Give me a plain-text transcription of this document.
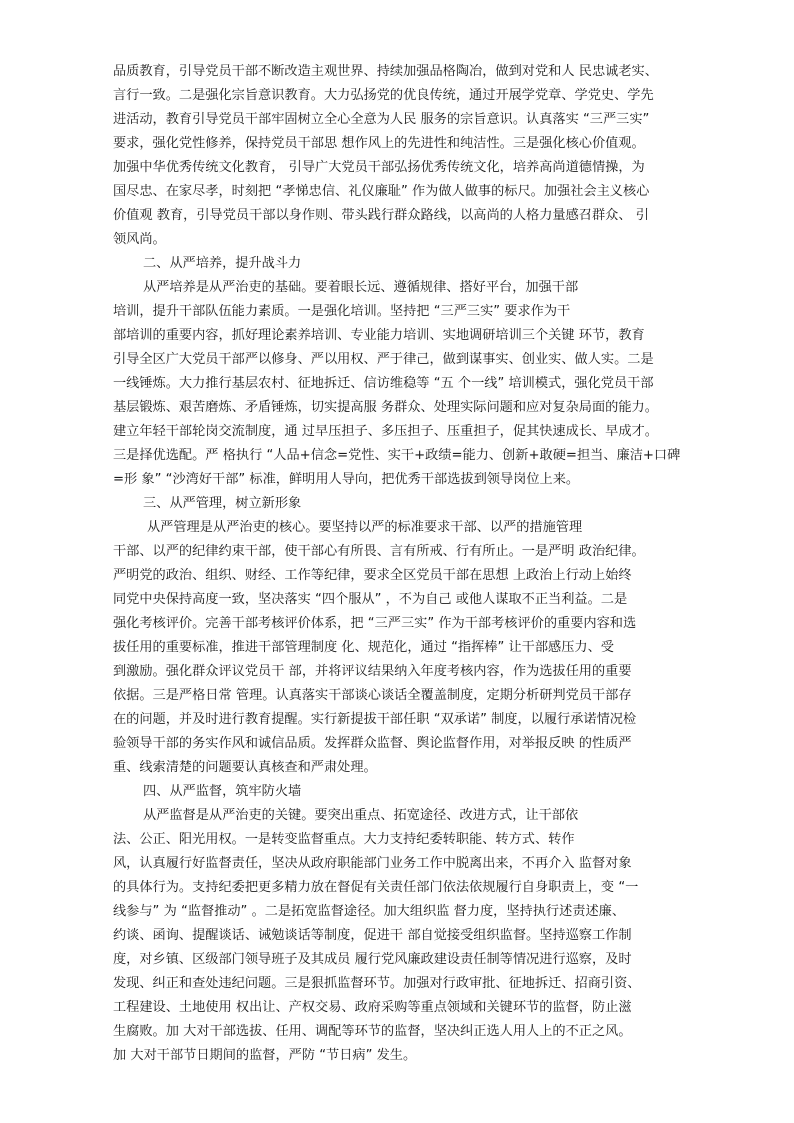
品质教育，引导党员干部不断改造主观世界、持续加强品格陶冶，做到对党和人 民忠诚老实、
言行一致。二是强化宗旨意识教育。大力弘扬党的优良传统，通过开展学党章、学党史、学先
进活动，教育引导党员干部牢固树立全心全意为人民 服务的宗旨意识。认真落实 “三严三实”
要求，强化党性修养，保持党员干部思 想作风上的先进性和纯洁性。三是强化核心价值观。
加强中华优秀传统文化教育， 引导广大党员干部弘扬优秀传统文化，培养高尚道德情操，为
国尽忠、在家尽孝，时刻把 “孝悌忠信、礼仪廉耻” 作为做人做事的标尺。加强社会主义核心
价值观 教育，引导党员干部以身作则、带头践行群众路线，以高尚的人格力量感召群众、 引
领风尚。
二、从严培养，提升战斗力
从严培养是从严治吏的基础。要着眼长远、遵循规律、搭好平台，加强干部
培训，提升干部队伍能力素质。一是强化培训。坚持把 “三严三实” 要求作为干
部培训的重要内容，抓好理论素养培训、专业能力培训、实地调研培训三个关键 环节，教育
引导全区广大党员干部严以修身、严以用权、严于律己，做到谋事实、创业实、做人实。二是
一线锤炼。大力推行基层农村、征地拆迁、信访维稳等 “五 个一线” 培训模式，强化党员干部
基层锻炼、艰苦磨炼、矛盾锤炼，切实提高服 务群众、处理实际问题和应对复杂局面的能力。
建立年轻干部轮岗交流制度，通 过早压担子、多压担子、压重担子，促其快速成长、早成才。
三是择优选配。严 格执行 “人品+信念=党性、实干+政绩=能力、创新+敢硬=担当、廉洁+口碑
=形 象” “沙湾好干部” 标准，鲜明用人导向，把优秀干部选拔到领导岗位上来。
三、从严管理，树立新形象
从严管理是从严治吏的核心。要坚持以严的标准要求干部、以严的措施管理
干部、以严的纪律约束干部，使干部心有所畏、言有所戒、行有所止。一是严明 政治纪律。
严明党的政治、组织、财经、工作等纪律，要求全区党员干部在思想 上政治上行动上始终
同党中央保持高度一致，坚决落实 “四个服从” ，不为自己 或他人谋取不正当利益。二是
强化考核评价。完善干部考核评价体系，把 “三严三实” 作为干部考核评价的重要内容和选
拔任用的重要标准，推进干部管理制度 化、规范化，通过 “指挥棒” 让干部感压力、受
到激励。强化群众评议党员干 部，并将评议结果纳入年度考核内容，作为选拔任用的重要
依据。三是严格日常 管理。认真落实干部谈心谈话全覆盖制度，定期分析研判党员干部存
在的问题，并及时进行教育提醒。实行新提拔干部任职 “双承诺” 制度，以履行承诺情况检
验领导干部的务实作风和诚信品质。发挥群众监督、舆论监督作用，对举报反映 的性质严
重、线索清楚的问题要认真核查和严肃处理。
四、从严监督，筑牢防火墙
从严监督是从严治吏的关键。要突出重点、拓宽途径、改进方式，让干部依
法、公正、阳光用权。一是转变监督重点。大力支持纪委转职能、转方式、转作
风，认真履行好监督责任，坚决从政府职能部门业务工作中脱离出来，不再介入 监督对象
的具体行为。支持纪委把更多精力放在督促有关责任部门依法依规履行自身职责上，变 “一
线参与” 为 “监督推动” 。二是拓宽监督途径。加大组织监 督力度，坚持执行述责述廉、
约谈、函询、提醒谈话、诫勉谈话等制度，促进干 部自觉接受组织监督。坚持巡察工作制
度，对乡镇、区级部门领导班子及其成员 履行党风廉政建设责任制等情况进行巡察，及时
发现、纠正和查处违纪问题。三是狠抓监督环节。加强对行政审批、征地拆迁、招商引资、
工程建设、土地使用 权出让、产权交易、政府采购等重点领域和关键环节的监督，防止滋
生腐败。加 大对干部选拔、任用、调配等环节的监督，坚决纠正选人用人上的不正之风。
加 大对干部节日期间的监督，严防 “节日病” 发生。
